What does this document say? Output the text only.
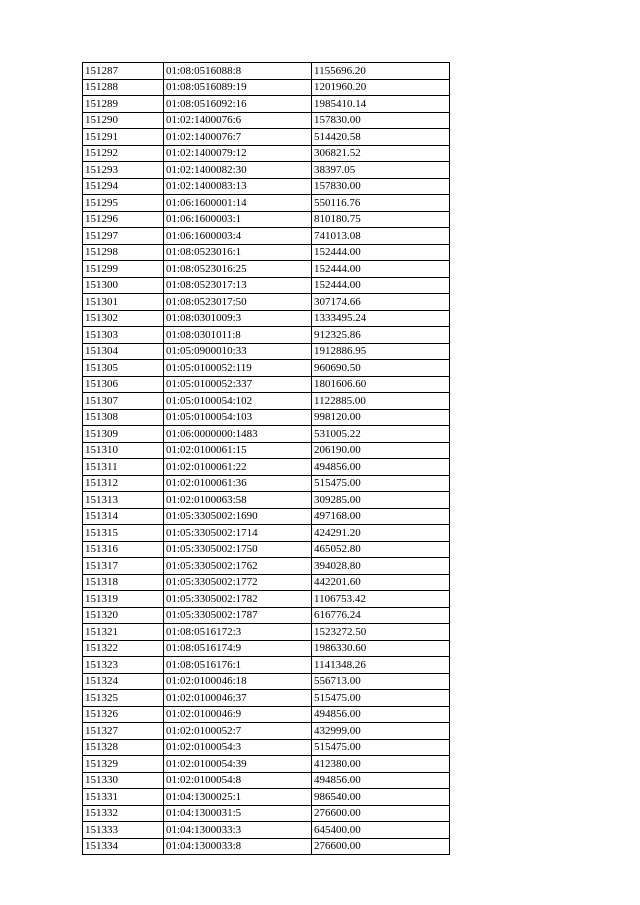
151287	01:08:0516088:8	1155696.20
151288	01:08:0516089:19	1201960.20
151289	01:08:0516092:16	1985410.14
151290	01:02:1400076:6	157830.00
151291	01:02:1400076:7	514420.58
151292	01:02:1400079:12	306821.52
151293	01:02:1400082:30	38397.05
151294	01:02:1400083:13	157830.00
151295	01:06:1600001:14	550116.76
151296	01:06:1600003:1	810180.75
151297	01:06:1600003:4	741013.08
151298	01:08:0523016:1	152444.00
151299	01:08:0523016:25	152444.00
151300	01:08:0523017:13	152444.00
151301	01:08:0523017:50	307174.66
151302	01:08:0301009:3	1333495.24
151303	01:08:0301011:8	912325.86
151304	01:05:0900010:33	1912886.95
151305	01:05:0100052:119	960690.50
151306	01:05:0100052:337	1801606.60
151307	01:05:0100054:102	1122885.00
151308	01:05:0100054:103	998120.00
151309	01:06:0000000:1483	531005.22
151310	01:02:0100061:15	206190.00
151311	01:02:0100061:22	494856.00
151312	01:02:0100061:36	515475.00
151313	01:02:0100063:58	309285.00
151314	01:05:3305002:1690	497168.00
151315	01:05:3305002:1714	424291.20
151316	01:05:3305002:1750	465052.80
151317	01:05:3305002:1762	394028.80
151318	01:05:3305002:1772	442201.60
151319	01:05:3305002:1782	1106753.42
151320	01:05:3305002:1787	616776.24
151321	01:08:0516172:3	1523272.50
151322	01:08:0516174:9	1986330.60
151323	01:08:0516176:1	1141348.26
151324	01:02:0100046:18	556713.00
151325	01:02:0100046:37	515475.00
151326	01:02:0100046:9	494856.00
151327	01:02:0100052:7	432999.00
151328	01:02:0100054:3	515475.00
151329	01:02:0100054:39	412380.00
151330	01:02:0100054:8	494856.00
151331	01:04:1300025:1	986540.00
151332	01:04:1300031:5	276600.00
151333	01:04:1300033:3	645400.00
151334	01:04:1300033:8	276600.00
